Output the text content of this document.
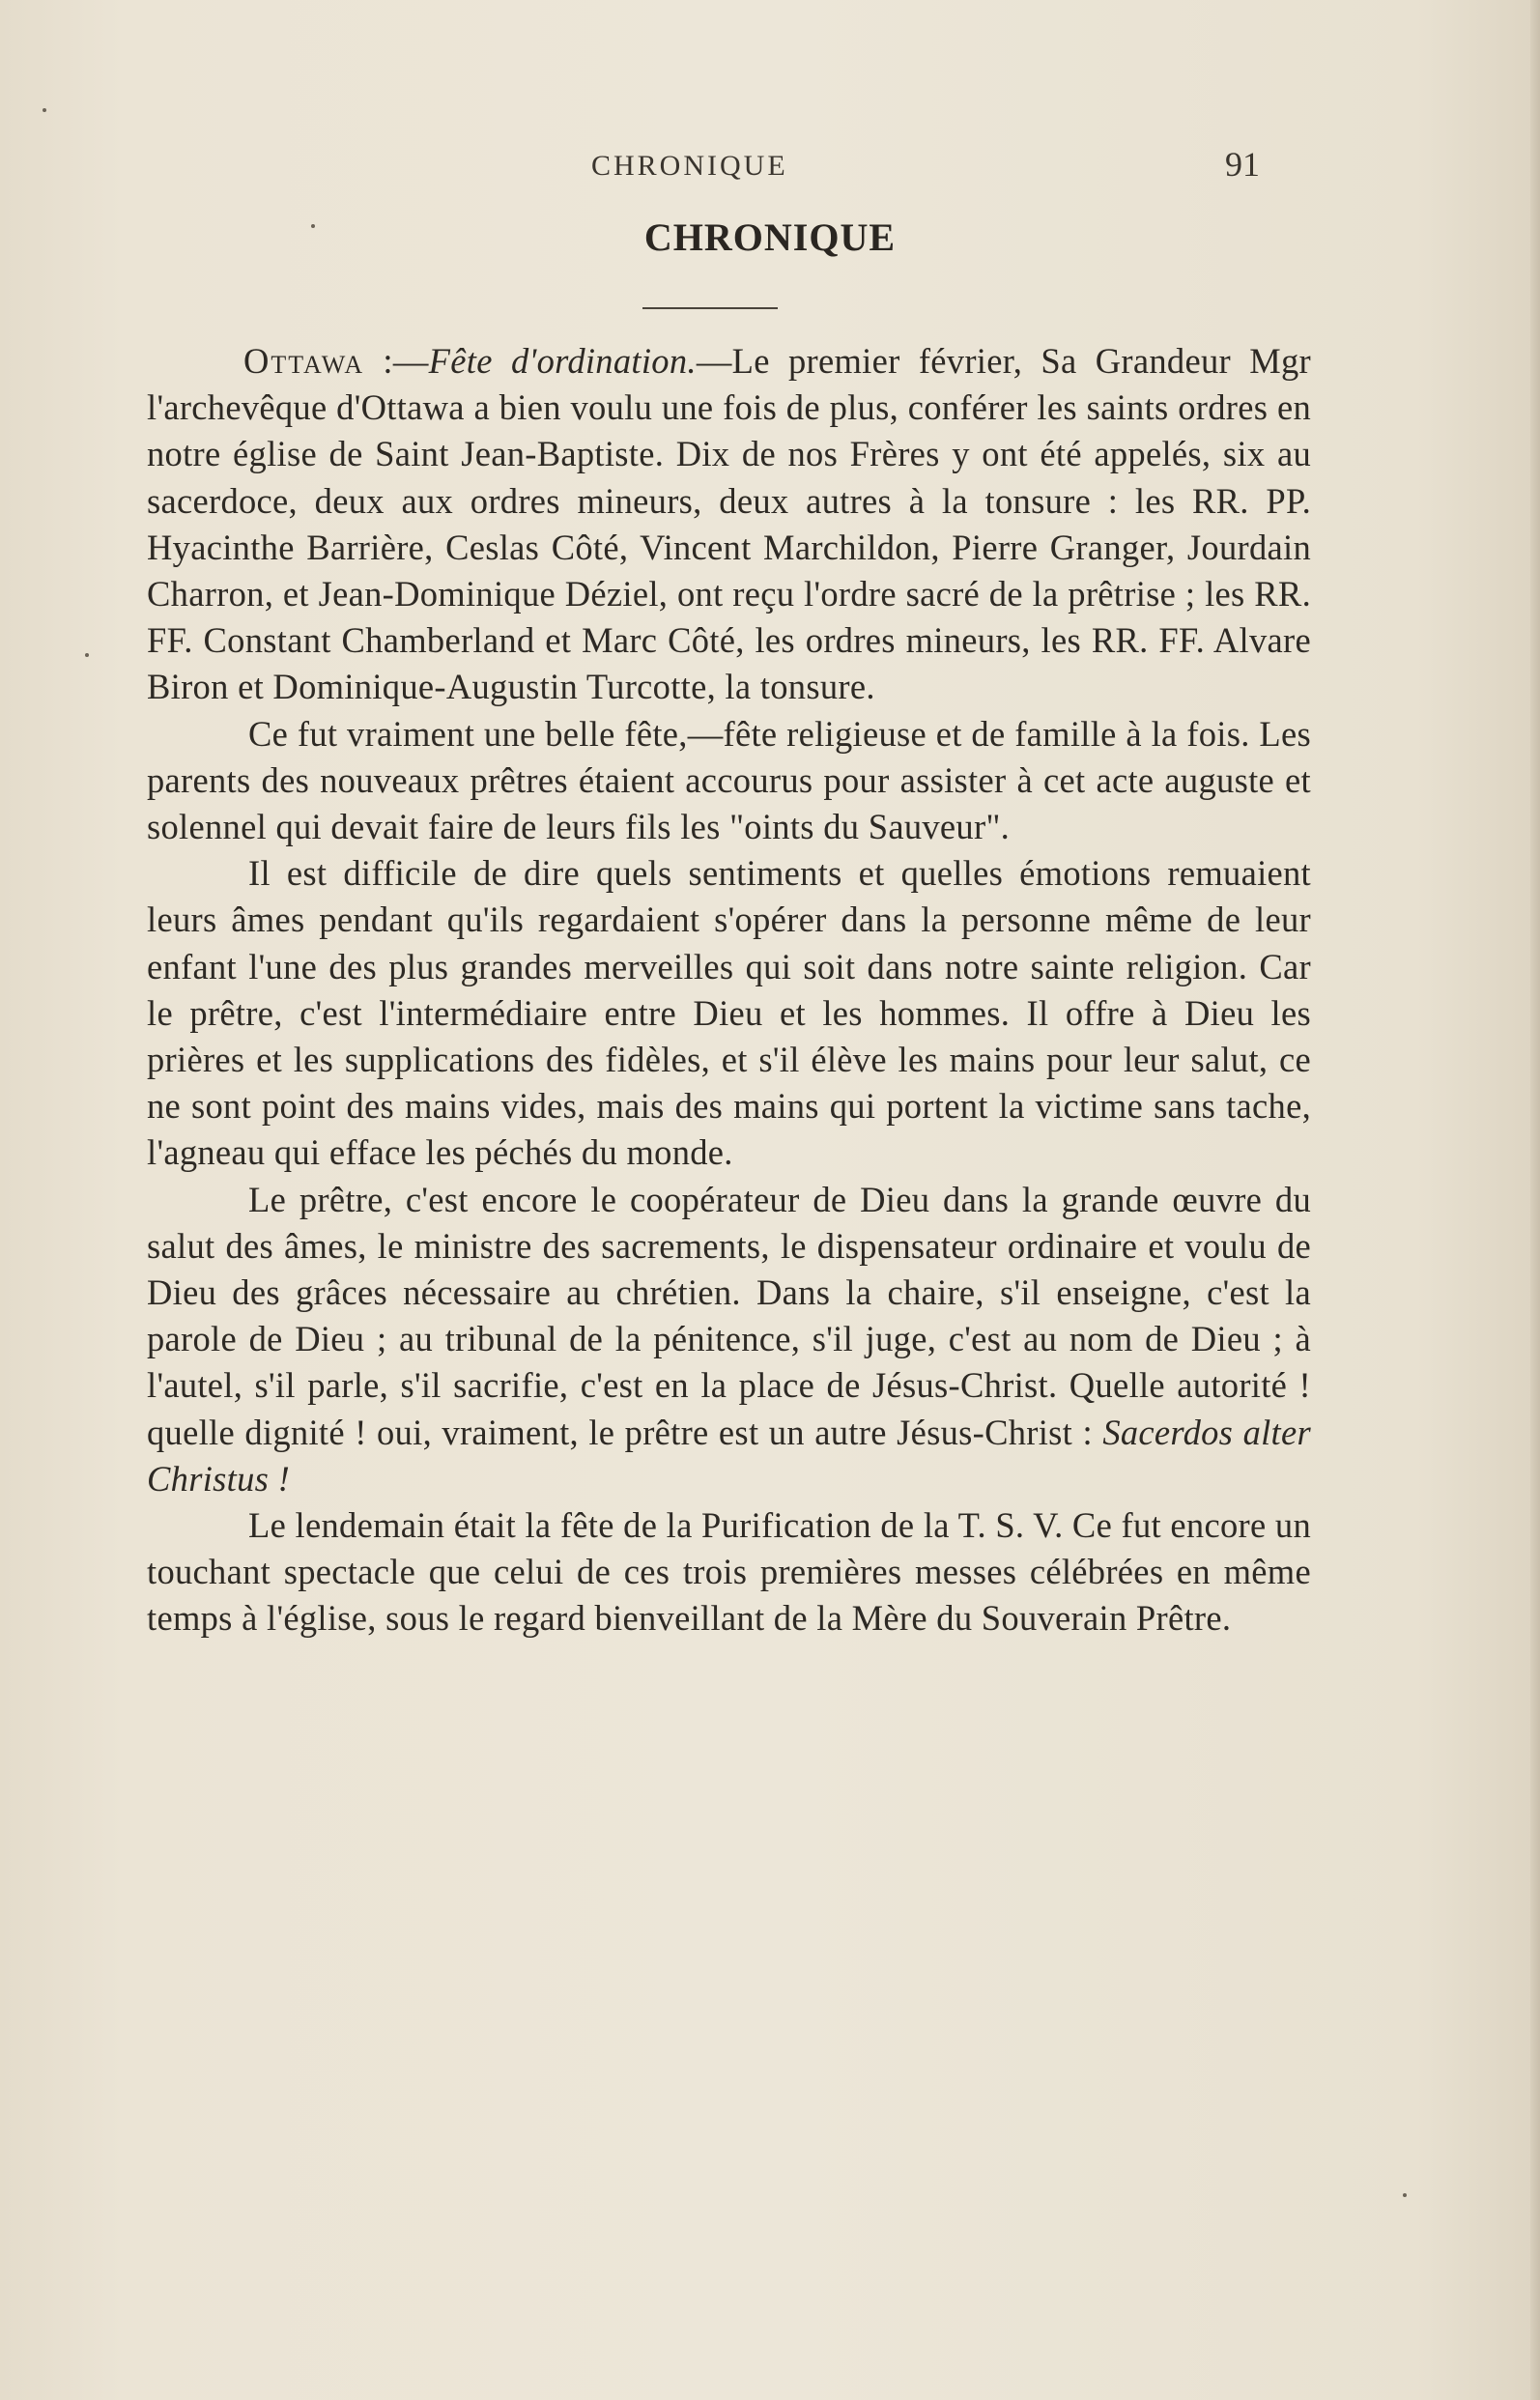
CHRONIQUE	91
CHRONIQUE

Ottawa :—Fête d'ordination.—Le premier février, Sa Grandeur Mgr l'archevêque d'Ottawa a bien voulu une fois de plus, conférer les saints ordres en notre église de Saint Jean-Baptiste. Dix de nos Frères y ont été appelés, six au sacerdoce, deux aux ordres mineurs, deux autres à la tonsure : les RR. PP. Hyacinthe Barrière, Ceslas Côté, Vincent Marchildon, Pierre Granger, Jourdain Charron, et Jean-Dominique Déziel, ont reçu l'ordre sacré de la prêtrise ; les RR. FF. Constant Chamberland et Marc Côté, les ordres mineurs, les RR. FF. Alvare Biron et Dominique-Augustin Turcotte, la tonsure.

Ce fut vraiment une belle fête,—fête religieuse et de famille à la fois. Les parents des nouveaux prêtres étaient accourus pour assister à cet acte auguste et solennel qui devait faire de leurs fils les "oints du Sauveur".

Il est difficile de dire quels sentiments et quelles émotions remuaient leurs âmes pendant qu'ils regardaient s'opérer dans la personne même de leur enfant l'une des plus grandes merveilles qui soit dans notre sainte religion. Car le prêtre, c'est l'intermédiaire entre Dieu et les hommes. Il offre à Dieu les prières et les supplications des fidèles, et s'il élève les mains pour leur salut, ce ne sont point des mains vides, mais des mains qui portent la victime sans tache, l'agneau qui efface les péchés du monde.

Le prêtre, c'est encore le coopérateur de Dieu dans la grande œuvre du salut des âmes, le ministre des sacrements, le dispensateur ordinaire et voulu de Dieu des grâces nécessaire au chrétien. Dans la chaire, s'il enseigne, c'est la parole de Dieu ; au tribunal de la pénitence, s'il juge, c'est au nom de Dieu ; à l'autel, s'il parle, s'il sacrifie, c'est en la place de Jésus-Christ. Quelle autorité ! quelle dignité ! oui, vraiment, le prêtre est un autre Jésus-Christ : Sacerdos alter Christus !

Le lendemain était la fête de la Purification de la T. S. V. Ce fut encore un touchant spectacle que celui de ces trois premières messes célébrées en même temps à l'église, sous le regard bienveillant de la Mère du Souverain Prêtre.
